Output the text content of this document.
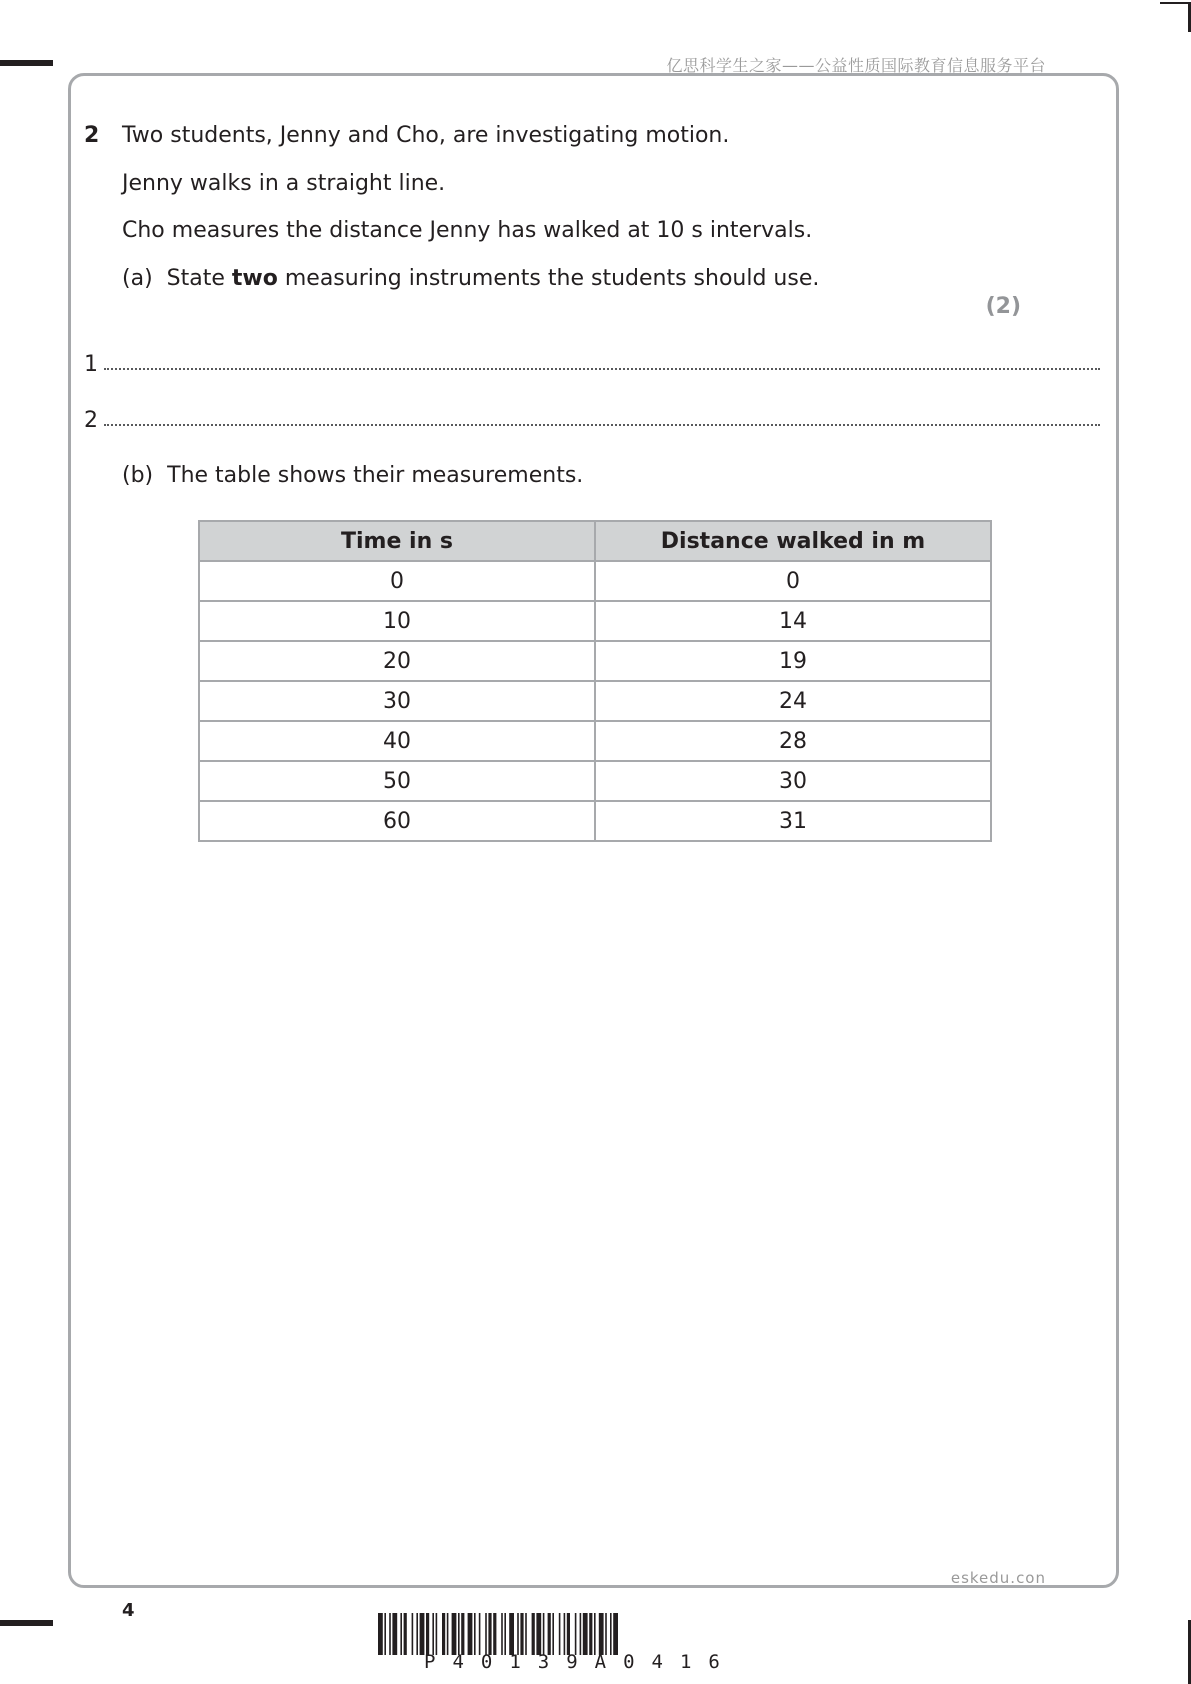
亿思科学生之家——公益性质国际教育信息服务平台
2 Two students, Jenny and Cho, are investigating motion.
Jenny walks in a straight line.
Cho measures the distance Jenny has walked at 10 s intervals.
(a) State two measuring instruments the students should use.
(2)
1
2
(b) The table shows their measurements.
Time in s	Distance walked in m
0	0
10	14
20	19
30	24
40	28
50	30
60	31
eskedu.con
4
P40139A0416
